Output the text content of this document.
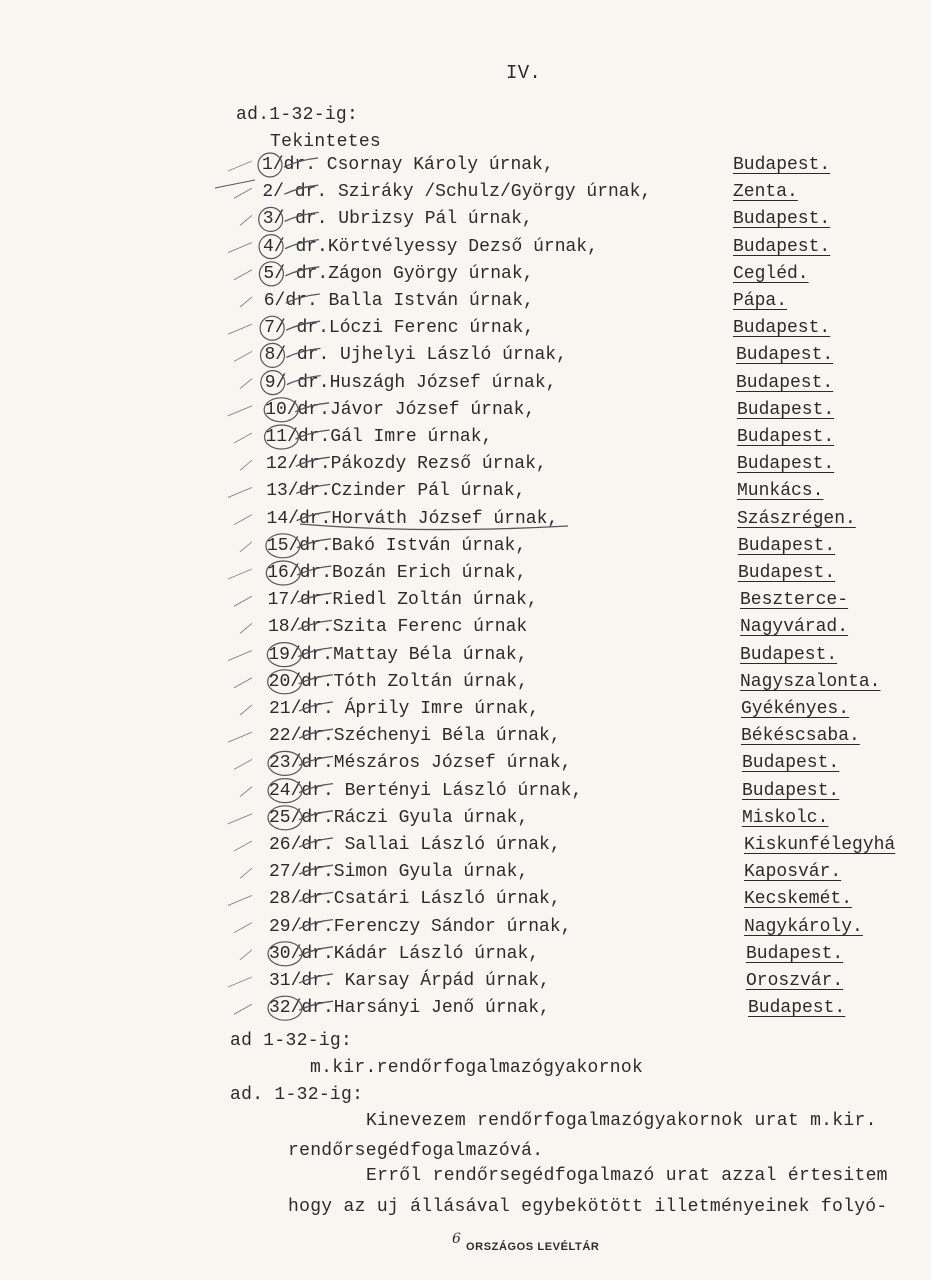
IV.
ad.1-32-ig:
Tekintetes
1/dr. Csornay Károly úrnak,	Budapest.
2/ dr. Sziráky /Schulz/György úrnak,	Zenta.
3/ dr. Ubrizsy Pál úrnak,	Budapest.
4/ dr.Körtvélyessy Dezső úrnak,	Budapest.
5/ dr.Zágon György úrnak,	Cegléd.
6/dr. Balla István úrnak,	Pápa.
7/ dr.Lóczi Ferenc úrnak,	Budapest.
8/ dr. Ujhelyi László úrnak,	Budapest.
9/ dr.Huszágh József úrnak,	Budapest.
10/dr.Jávor József úrnak,	Budapest.
11/dr.Gál Imre úrnak,	Budapest.
12/dr.Pákozdy Rezső úrnak,	Budapest.
13/dr.Czinder Pál úrnak,	Munkács.
14/dr.Horváth József úrnak,	Szászrégen.
15/dr.Bakó István úrnak,	Budapest.
16/dr.Bozán Erich úrnak,	Budapest.
17/dr.Riedl Zoltán úrnak,	Beszterce-
18/dr.Szita Ferenc úrnak	Nagyvárad.
19/dr.Mattay Béla úrnak,	Budapest.
20/dr.Tóth Zoltán úrnak,	Nagyszalonta.
21/dr. Áprily Imre úrnak,	Gyékényes.
22/dr.Széchenyi Béla úrnak,	Békéscsaba.
23/dr.Mészáros József úrnak,	Budapest.
24/dr. Bertényi László úrnak,	Budapest.
25/dr.Ráczi Gyula úrnak,	Miskolc.
26/dr. Sallai László úrnak,	Kiskunfélegyhá
27/dr.Simon Gyula úrnak,	Kaposvár.
28/dr.Csatári László úrnak,	Kecskemét.
29/dr.Ferenczy Sándor úrnak,	Nagykároly.
30/dr.Kádár László úrnak,	Budapest.
31/dr. Karsay Árpád úrnak,	Oroszvár.
32/dr.Harsányi Jenő úrnak,	Budapest.
ad 1-32-ig:
m.kir.rendőrfogalmazógyakornok
ad. 1-32-ig:
Kinevezem rendőrfogalmazógyakornok urat m.kir.
rendőrsegédfogalmazóvá.
Erről rendőrsegédfogalmazó urat azzal értesitem
hogy az uj állásával egybekötött illetményeinek folyó-
6 ORSZÁGOS LEVÉLTÁR
